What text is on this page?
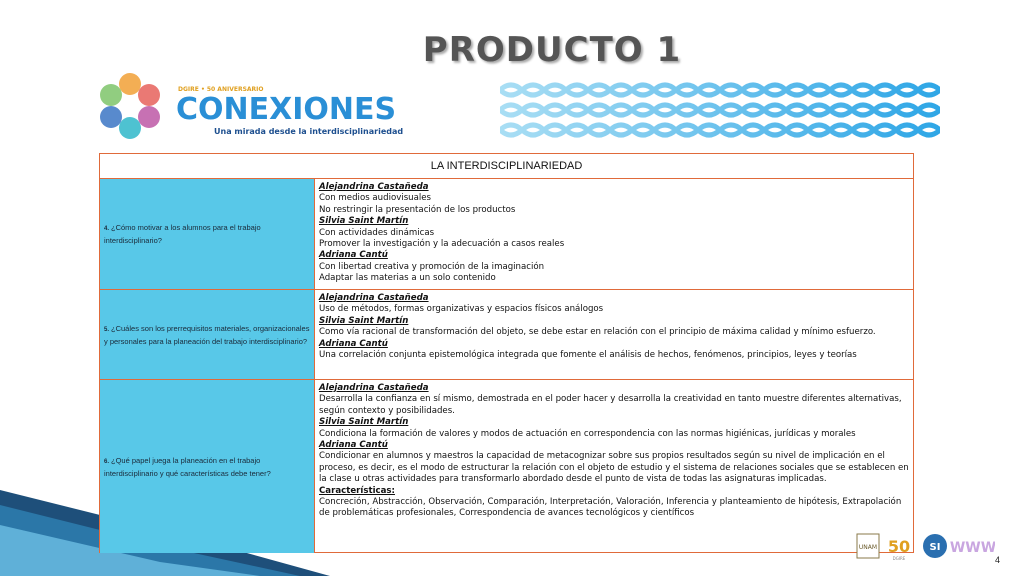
PRODUCTO 1
DGIRE • 50 ANIVERSARIO
CONEXIONES
Una mirada desde la interdisciplinariedad
LA INTERDISCIPLINARIEDAD
4. ¿Cómo motivar a los alumnos para el trabajo interdisciplinario?
Alejandrina Castañeda
Con medios audiovisuales
No restringir la presentación de los productos
Silvia Saint Martín
Con actividades dinámicas
Promover la investigación y la adecuación a casos reales
Adriana Cantú
Con libertad creativa y promoción de la imaginación
Adaptar las materias a un solo contenido
5. ¿Cuáles son los prerrequisitos materiales, organizacionales y personales para la planeación del trabajo interdisciplinario?
Alejandrina Castañeda
Uso de métodos, formas organizativas y espacios físicos análogos
Silvia Saint Martín
Como vía racional de transformación del objeto, se debe estar en relación con el principio de máxima calidad y mínimo esfuerzo.
Adriana Cantú
Una correlación conjunta epistemológica integrada que fomente el análisis de hechos, fenómenos, principios, leyes y teorías
6. ¿Qué papel juega la planeación en el trabajo interdisciplinario y qué características debe tener?
Alejandrina Castañeda
Desarrolla la confianza en sí mismo, demostrada en el poder hacer y desarrolla la creatividad en tanto muestre diferentes alternativas, según contexto y posibilidades.
Silvia Saint Martín
Condiciona la formación de valores y modos de actuación en correspondencia con las normas higiénicas, jurídicas y morales
Adriana Cantú
Condicionar en alumnos y maestros la capacidad de metacognizar sobre sus propios resultados según su nivel de implicación en el proceso, es decir, es el modo de estructurar la relación con el objeto de estudio y el sistema de relaciones sociales que se establecen en la clase u otras actividades para transformarlo abordado desde el punto de vista de todas las asignaturas implicadas.
Características:
Concreción, Abstracción, Observación, Comparación, Interpretación, Valoración, Inferencia y planteamiento de hipótesis, Extrapolación de problemáticas profesionales, Correspondencia de avances tecnológicos y científicos
UNAM 50
DGIRE
SI WWW
4
